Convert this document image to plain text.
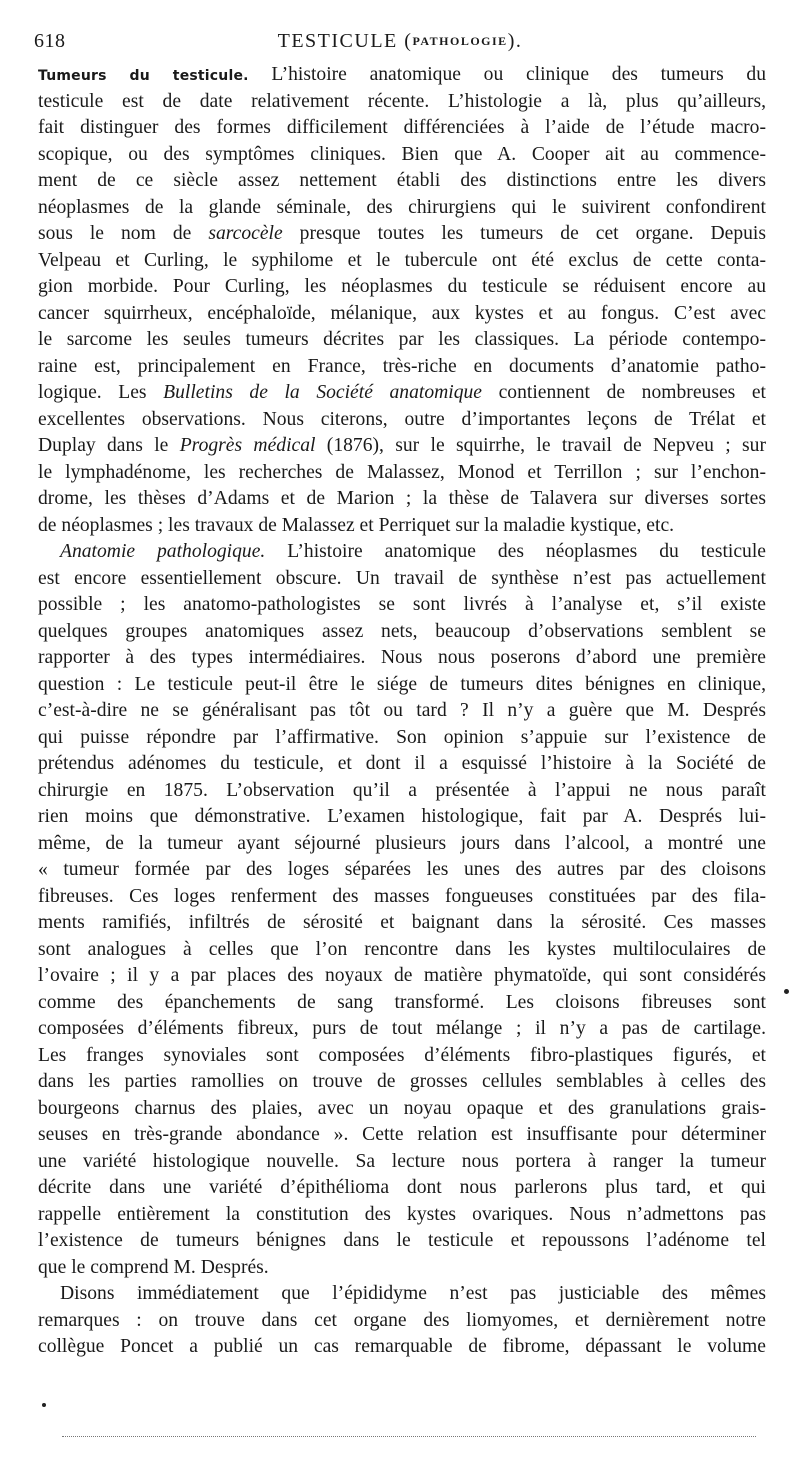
618	TESTICULE (PATHOLOGIE).
Tumeurs du testicule. L’histoire anatomique ou clinique des tumeurs du
testicule est de date relativement récente. L’histologie a là, plus qu’ailleurs,
fait distinguer des formes difficilement différenciées à l’aide de l’étude macro-
scopique, ou des symptômes cliniques. Bien que A. Cooper ait au commence-
ment de ce siècle assez nettement établi des distinctions entre les divers
néoplasmes de la glande séminale, des chirurgiens qui le suivirent confondirent
sous le nom de sarcocèle presque toutes les tumeurs de cet organe. Depuis
Velpeau et Curling, le syphilome et le tubercule ont été exclus de cette conta-
gion morbide. Pour Curling, les néoplasmes du testicule se réduisent encore au
cancer squirrheux, encéphaloïde, mélanique, aux kystes et au fongus. C’est avec
le sarcome les seules tumeurs décrites par les classiques. La période contempo-
raine est, principalement en France, très-riche en documents d’anatomie patho-
logique. Les Bulletins de la Société anatomique contiennent de nombreuses et
excellentes observations. Nous citerons, outre d’importantes leçons de Trélat et
Duplay dans le Progrès médical (1876), sur le squirrhe, le travail de Nepveu ; sur
le lymphadénome, les recherches de Malassez, Monod et Terrillon ; sur l’enchon-
drome, les thèses d’Adams et de Marion ; la thèse de Talavera sur diverses sortes
de néoplasmes ; les travaux de Malassez et Perriquet sur la maladie kystique, etc.
Anatomie pathologique. L’histoire anatomique des néoplasmes du testicule
est encore essentiellement obscure. Un travail de synthèse n’est pas actuellement
possible ; les anatomo-pathologistes se sont livrés à l’analyse et, s’il existe
quelques groupes anatomiques assez nets, beaucoup d’observations semblent se
rapporter à des types intermédiaires. Nous nous poserons d’abord une première
question : Le testicule peut-il être le siége de tumeurs dites bénignes en clinique,
c’est-à-dire ne se généralisant pas tôt ou tard ? Il n’y a guère que M. Després
qui puisse répondre par l’affirmative. Son opinion s’appuie sur l’existence de
prétendus adénomes du testicule, et dont il a esquissé l’histoire à la Société de
chirurgie en 1875. L’observation qu’il a présentée à l’appui ne nous paraît
rien moins que démonstrative. L’examen histologique, fait par A. Després lui-
même, de la tumeur ayant séjourné plusieurs jours dans l’alcool, a montré une
« tumeur formée par des loges séparées les unes des autres par des cloisons
fibreuses. Ces loges renferment des masses fongueuses constituées par des fila-
ments ramifiés, infiltrés de sérosité et baignant dans la sérosité. Ces masses
sont analogues à celles que l’on rencontre dans les kystes multiloculaires de
l’ovaire ; il y a par places des noyaux de matière phymatoïde, qui sont considérés
comme des épanchements de sang transformé. Les cloisons fibreuses sont
composées d’éléments fibreux, purs de tout mélange ; il n’y a pas de cartilage.
Les franges synoviales sont composées d’éléments fibro-plastiques figurés, et
dans les parties ramollies on trouve de grosses cellules semblables à celles des
bourgeons charnus des plaies, avec un noyau opaque et des granulations grais-
seuses en très-grande abondance ». Cette relation est insuffisante pour déterminer
une variété histologique nouvelle. Sa lecture nous portera à ranger la tumeur
décrite dans une variété d’épithélioma dont nous parlerons plus tard, et qui
rappelle entièrement la constitution des kystes ovariques. Nous n’admettons pas
l’existence de tumeurs bénignes dans le testicule et repoussons l’adénome tel
que le comprend M. Després.
Disons immédiatement que l’épididyme n’est pas justiciable des mêmes
remarques : on trouve dans cet organe des liomyomes, et dernièrement notre
collègue Poncet a publié un cas remarquable de fibrome, dépassant le volume
